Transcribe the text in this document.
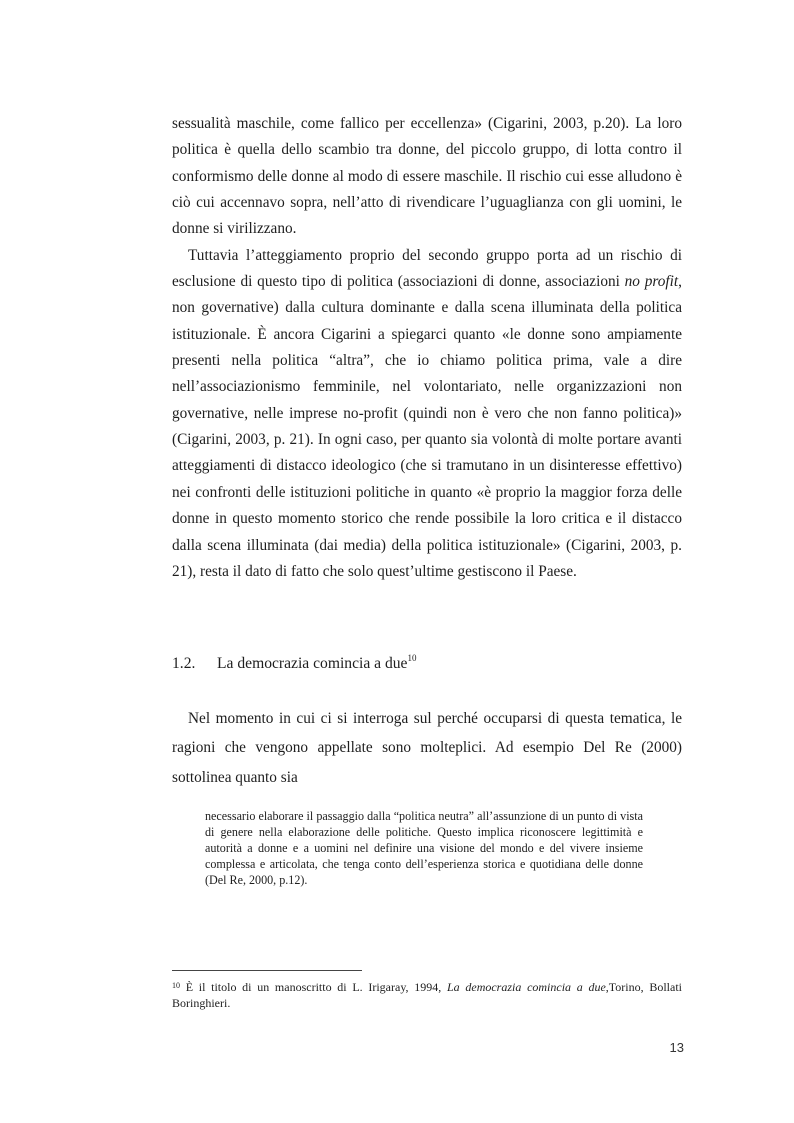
sessualità maschile, come fallico per eccellenza» (Cigarini, 2003, p.20). La loro politica è quella dello scambio tra donne, del piccolo gruppo, di lotta contro il conformismo delle donne al modo di essere maschile. Il rischio cui esse alludono è ciò cui accennavo sopra, nell’atto di rivendicare l’uguaglianza con gli uomini, le donne si virilizzano.

Tuttavia l’atteggiamento proprio del secondo gruppo porta ad un rischio di esclusione di questo tipo di politica (associazioni di donne, associazioni no profit, non governative) dalla cultura dominante e dalla scena illuminata della politica istituzionale. È ancora Cigarini a spiegarci quanto «le donne sono ampiamente presenti nella politica “altra”, che io chiamo politica prima, vale a dire nell’associazionismo femminile, nel volontariato, nelle organizzazioni non governative, nelle imprese no-profit (quindi non è vero che non fanno politica)» (Cigarini, 2003, p. 21). In ogni caso, per quanto sia volontà di molte portare avanti atteggiamenti di distacco ideologico (che si tramutano in un disinteresse effettivo) nei confronti delle istituzioni politiche in quanto «è proprio la maggior forza delle donne in questo momento storico che rende possibile la loro critica e il distacco dalla scena illuminata (dai media) della politica istituzionale» (Cigarini, 2003, p. 21), resta il dato di fatto che solo quest’ultime gestiscono il Paese.

1.2.	La democrazia comincia a due$^{10}$

Nel momento in cui ci si interroga sul perché occuparsi di questa tematica, le ragioni che vengono appellate sono molteplici. Ad esempio Del Re (2000) sottolinea quanto sia

necessario elaborare il passaggio dalla “politica neutra” all’assunzione di un punto di vista di genere nella elaborazione delle politiche. Questo implica riconoscere legittimità e autorità a donne e a uomini nel definire una visione del mondo e del vivere insieme complessa e articolata, che tenga conto dell’esperienza storica e quotidiana delle donne (Del Re, 2000, p.12).

$^{10}$ È il titolo di un manoscritto di L. Irigaray, 1994, La democrazia comincia a due,Torino, Bollati Boringhieri.

13
